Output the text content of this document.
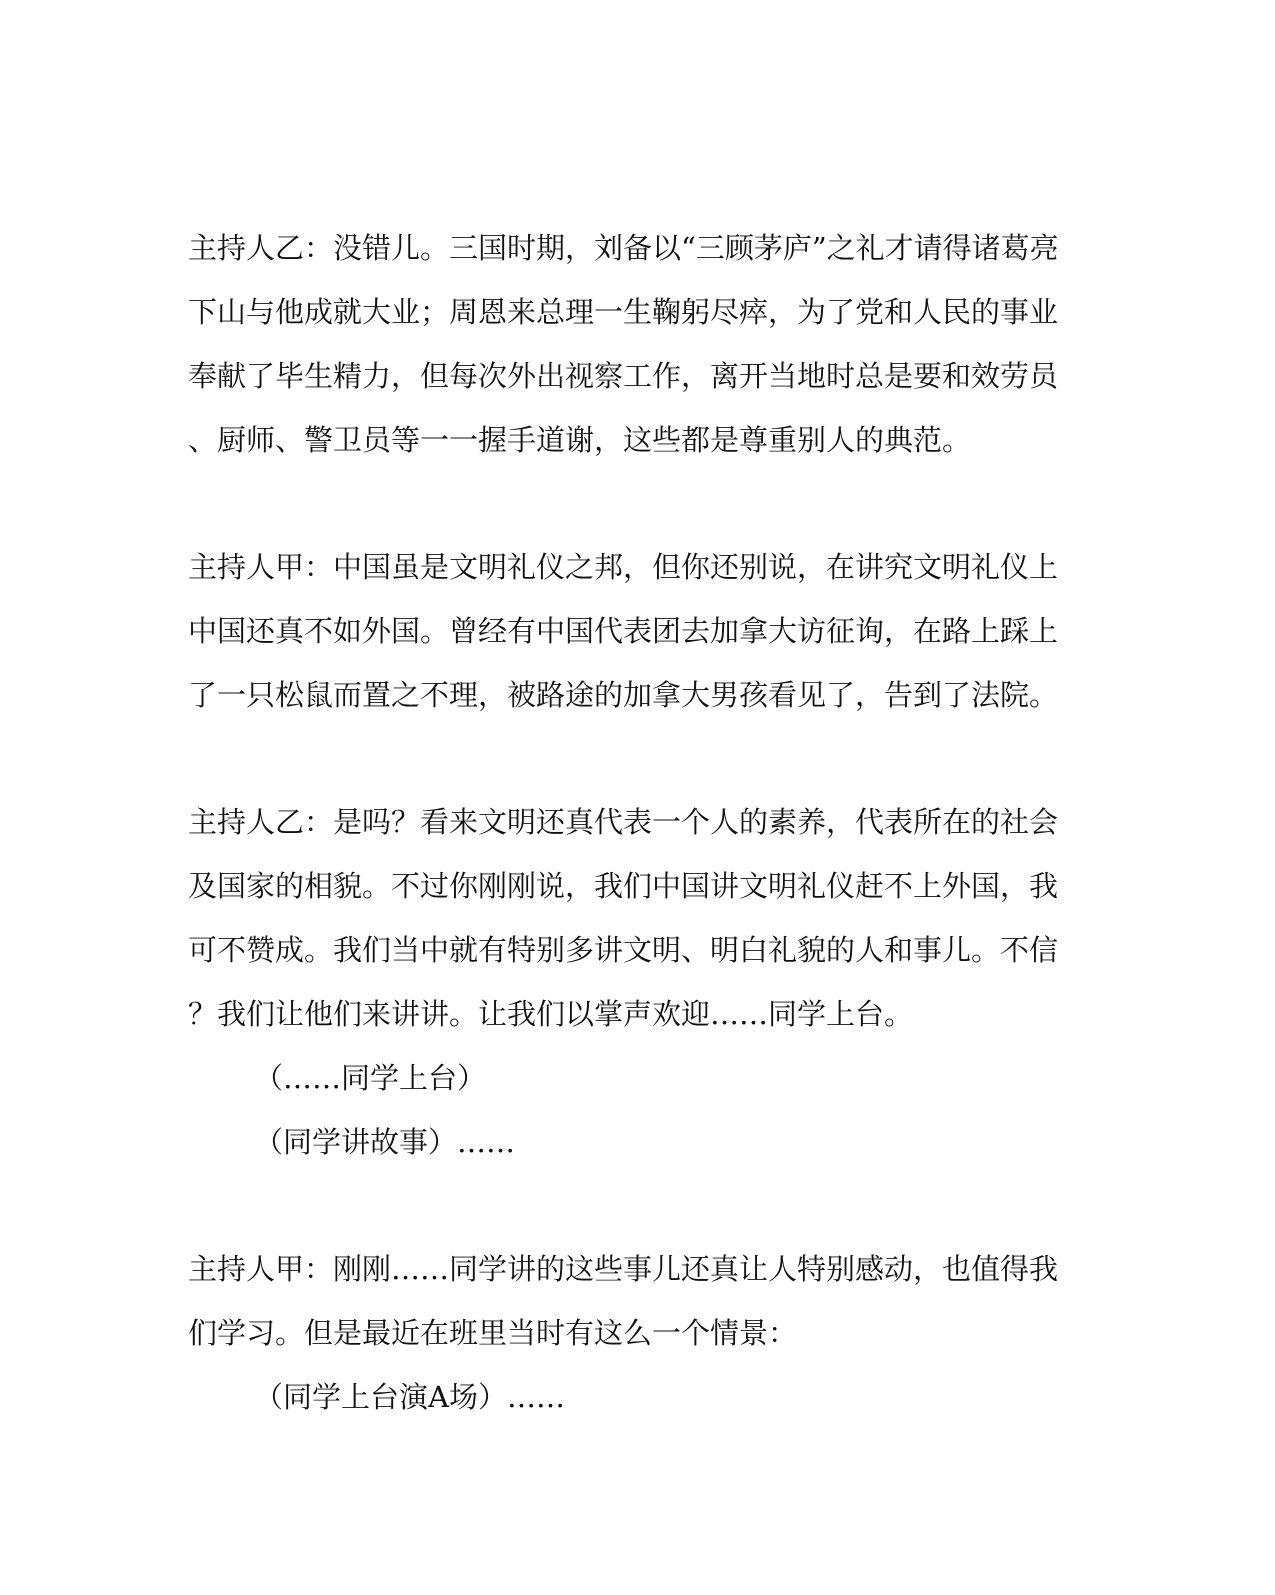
主持人乙：没错儿。三国时期，刘备以“三顾茅庐”之礼才请得诸葛亮
下山与他成就大业；周恩来总理一生鞠躬尽瘁，为了党和人民的事业
奉献了毕生精力，但每次外出视察工作，离开当地时总是要和效劳员
、厨师、警卫员等一一握手道谢，这些都是尊重别人的典范。
主持人甲：中国虽是文明礼仪之邦，但你还别说，在讲究文明礼仪上
中国还真不如外国。曾经有中国代表团去加拿大访征询，在路上踩上
了一只松鼠而置之不理，被路途的加拿大男孩看见了，告到了法院。
主持人乙：是吗？看来文明还真代表一个人的素养，代表所在的社会
及国家的相貌。不过你刚刚说，我们中国讲文明礼仪赶不上外国，我
可不赞成。我们当中就有特别多讲文明、明白礼貌的人和事儿。不信
？我们让他们来讲讲。让我们以掌声欢迎……同学上台。
（……同学上台）
（同学讲故事）……
主持人甲：刚刚……同学讲的这些事儿还真让人特别感动，也值得我
们学习。但是最近在班里当时有这么一个情景：
（同学上台演A场）……
